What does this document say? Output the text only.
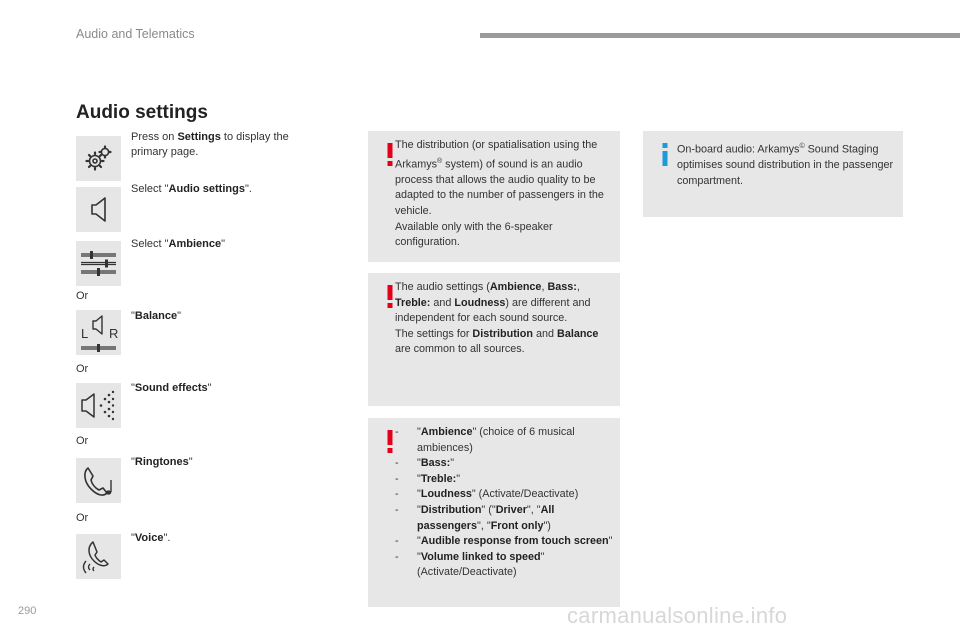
Audio and Telematics
Audio settings
Press on Settings to display the primary page.
Select "Audio settings".
Select "Ambience"
Or
L R
"Balance"
Or
"Sound effects"
Or
"Ringtones"
Or
"Voice".

The distribution (or spatialisation using the Arkamys® system) of sound is an audio process that allows the audio quality to be adapted to the number of passengers in the vehicle.

Available only with the 6-speaker configuration.

The audio settings (Ambience, Bass:, Treble: and Loudness) are different and independent for each sound source.

The settings for Distribution and Balance are common to all sources.

-	"Ambience" (choice of 6 musical ambiences)
-	"Bass:"
-	"Treble:"
-	"Loudness" (Activate/Deactivate)
-	"Distribution" ("Driver", "All passengers", "Front only")
-	"Audible response from touch screen"
-	"Volume linked to speed" (Activate/Deactivate)

On-board audio: Arkamys© Sound Staging optimises sound distribution in the passenger compartment.

290	carmanualsonline.info
